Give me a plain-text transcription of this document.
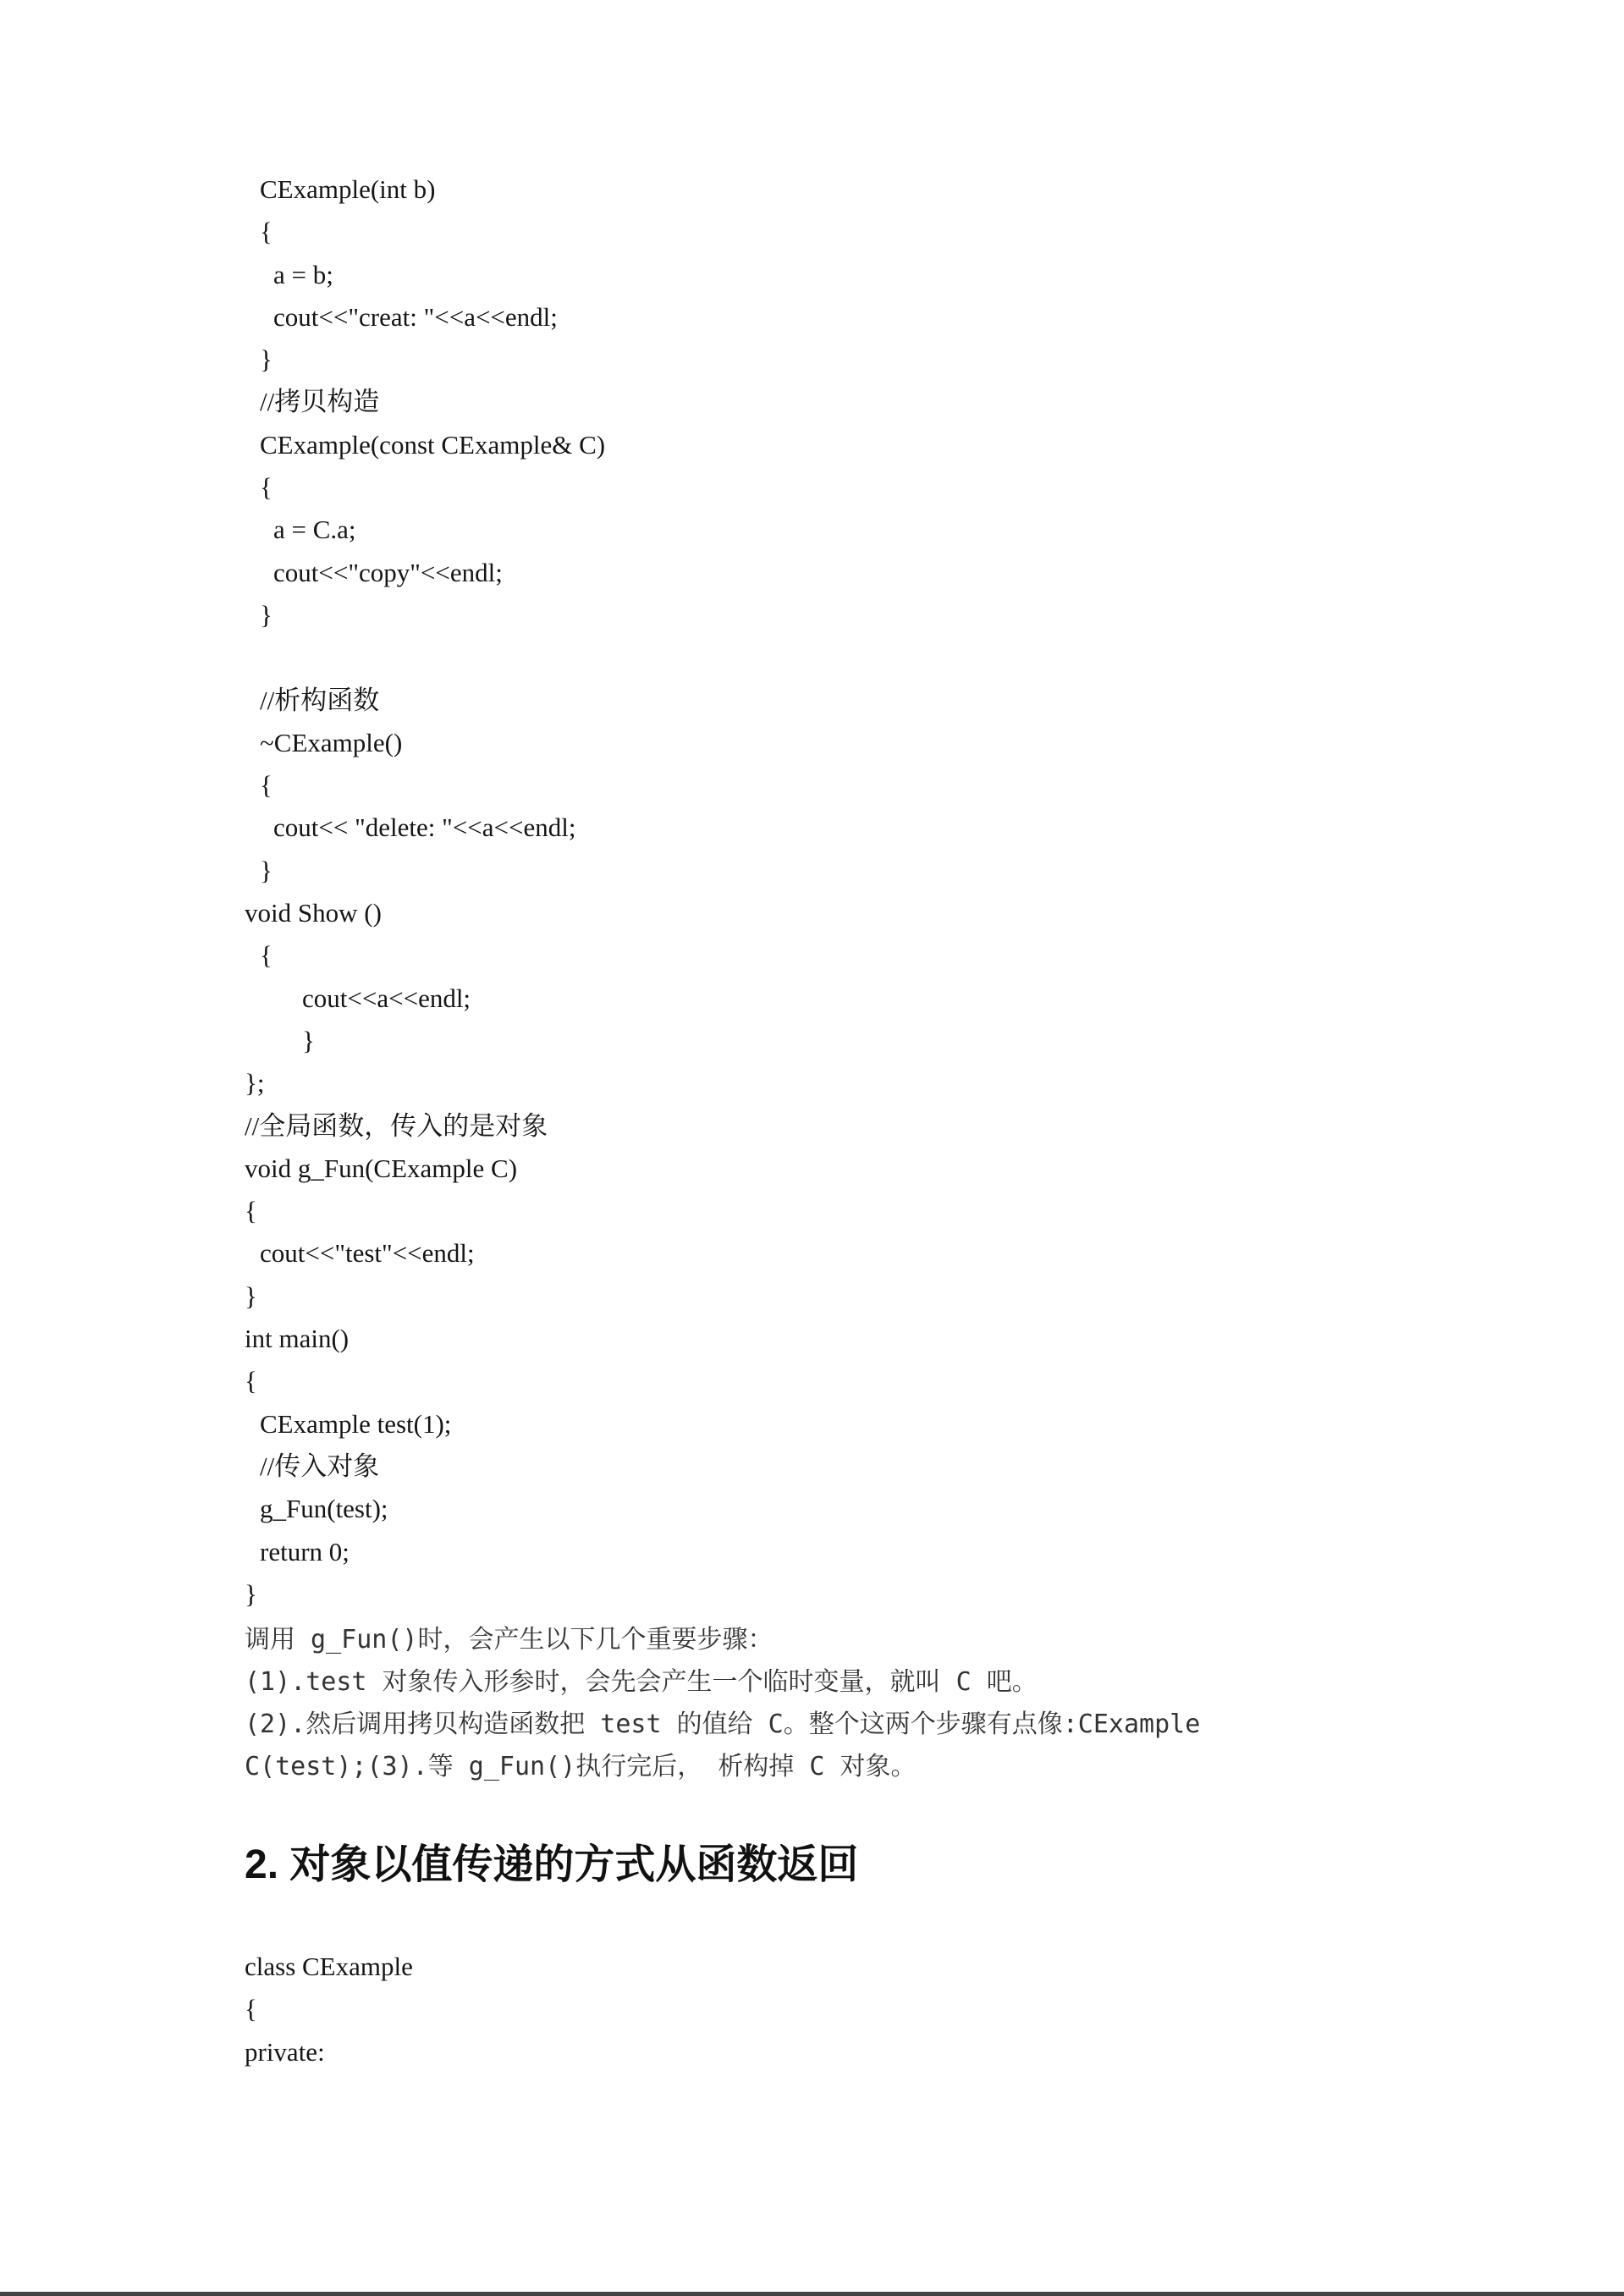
CExample(int b)
{
a = b;
cout<<"creat: "<<a<<endl;
}
//拷贝构造
CExample(const CExample& C)
{
a = C.a;
cout<<"copy"<<endl;
}
//析构函数
~CExample()
{
cout<< "delete: "<<a<<endl;
}
void Show ()
{
cout<<a<<endl;
}
};
//全局函数，传入的是对象
void g_Fun(CExample C)
{
cout<<"test"<<endl;
}
int main()
{
CExample test(1);
//传入对象
g_Fun(test);
return 0;
}
调用 g_Fun()时，会产生以下几个重要步骤：
(1).test 对象传入形参时，会先会产生一个临时变量，就叫 C 吧。
(2).然后调用拷贝构造函数把 test 的值给 C。整个这两个步骤有点像:CExample
C(test);(3).等 g_Fun()执行完后， 析构掉 C 对象。
2. 对象以值传递的方式从函数返回
class CExample
{
private:
